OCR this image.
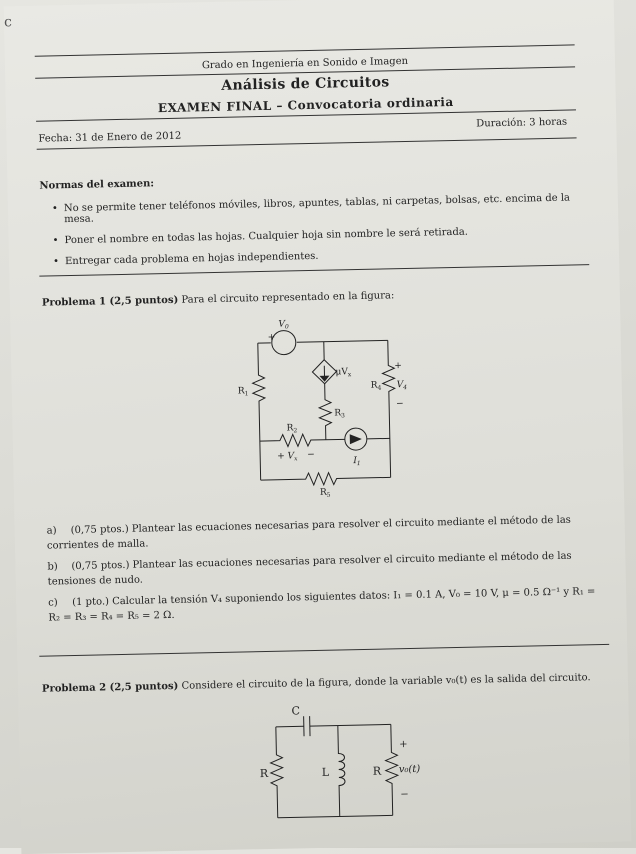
c
Grado en Ingeniería en Sonido e Imagen
Análisis de Circuitos
EXAMEN FINAL – Convocatoria ordinaria
Fecha: 31 de Enero de 2012
Duración: 3 horas
Normas del examen:
• No se permite tener teléfonos móviles, libros, apuntes, tablas, ni carpetas, bolsas, etc. encima de la mesa.
• Poner el nombre en todas las hojas. Cualquier hoja sin nombre le será retirada.
• Entregar cada problema en hojas independientes.
Problema 1 (2,5 puntos) Para el circuito representado en la figura:
$V_0$
+
$\mu V_x$
$R_1$
$R_3$
$R_2$
$R_4$
+
$V_4$
−
+ $V_x$ −
$I_1$
$R_5$
a) (0,75 ptos.) Plantear las ecuaciones necesarias para resolver el circuito mediante el método de las corrientes de malla.
b) (0,75 ptos.) Plantear las ecuaciones necesarias para resolver el circuito mediante el método de las tensiones de nudo.
c) (1 pto.) Calcular la tensión V₄ suponiendo los siguientes datos: I₁ = 0.1 A, V₀ = 10 V, μ = 0.5 Ω⁻¹ y R₁ = R₂ = R₃ = R₄ = R₅ = 2 Ω.
Problema 2 (2,5 puntos) Considere el circuito de la figura, donde la variable v₀(t) es la salida del circuito.
C
R	L	R
+
v₀(t)
−
